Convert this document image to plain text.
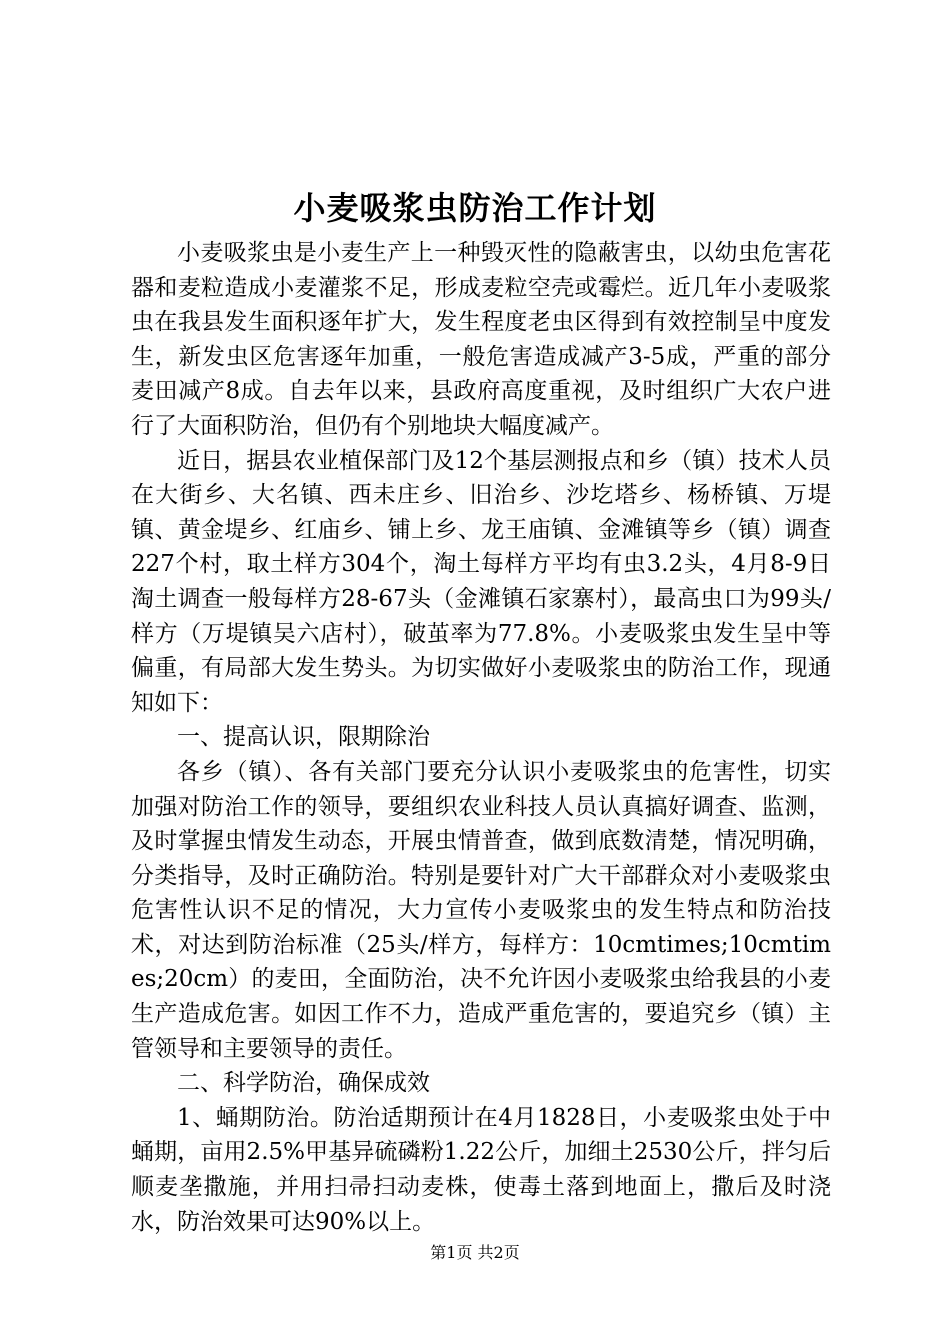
小麦吸浆虫防治工作计划

小麦吸浆虫是小麦生产上一种毁灭性的隐蔽害虫，以幼虫危害花器和麦粒造成小麦灌浆不足，形成麦粒空壳或霉烂。近几年小麦吸浆虫在我县发生面积逐年扩大，发生程度老虫区得到有效控制呈中度发生，新发虫区危害逐年加重，一般危害造成减产3-5成，严重的部分麦田减产8成。自去年以来，县政府高度重视，及时组织广大农户进行了大面积防治，但仍有个别地块大幅度减产。

近日，据县农业植保部门及12个基层测报点和乡（镇）技术人员在大街乡、大名镇、西未庄乡、旧治乡、沙圪塔乡、杨桥镇、万堤镇、黄金堤乡、红庙乡、铺上乡、龙王庙镇、金滩镇等乡（镇）调查227个村，取土样方304个，淘土每样方平均有虫3.2头，4月8-9日淘土调查一般每样方28-67头（金滩镇石家寨村），最高虫口为99头/样方（万堤镇吴六店村），破茧率为77.8%。小麦吸浆虫发生呈中等偏重，有局部大发生势头。为切实做好小麦吸浆虫的防治工作，现通知如下：

一、提高认识，限期除治

各乡（镇）、各有关部门要充分认识小麦吸浆虫的危害性，切实加强对防治工作的领导，要组织农业科技人员认真搞好调查、监测，及时掌握虫情发生动态，开展虫情普查，做到底数清楚，情况明确，分类指导，及时正确防治。特别是要针对广大干部群众对小麦吸浆虫危害性认识不足的情况，大力宣传小麦吸浆虫的发生特点和防治技术，对达到防治标准（25头/样方，每样方：10cmtimes;10cmtimes;20cm）的麦田，全面防治，决不允许因小麦吸浆虫给我县的小麦生产造成危害。如因工作不力，造成严重危害的，要追究乡（镇）主管领导和主要领导的责任。

二、科学防治，确保成效

1、蛹期防治。防治适期预计在4月1828日，小麦吸浆虫处于中蛹期，亩用2.5%甲基异硫磷粉1.22公斤，加细土2530公斤，拌匀后顺麦垄撒施，并用扫帚扫动麦株，使毒土落到地面上，撒后及时浇水，防治效果可达90%以上。

第1页 共2页
